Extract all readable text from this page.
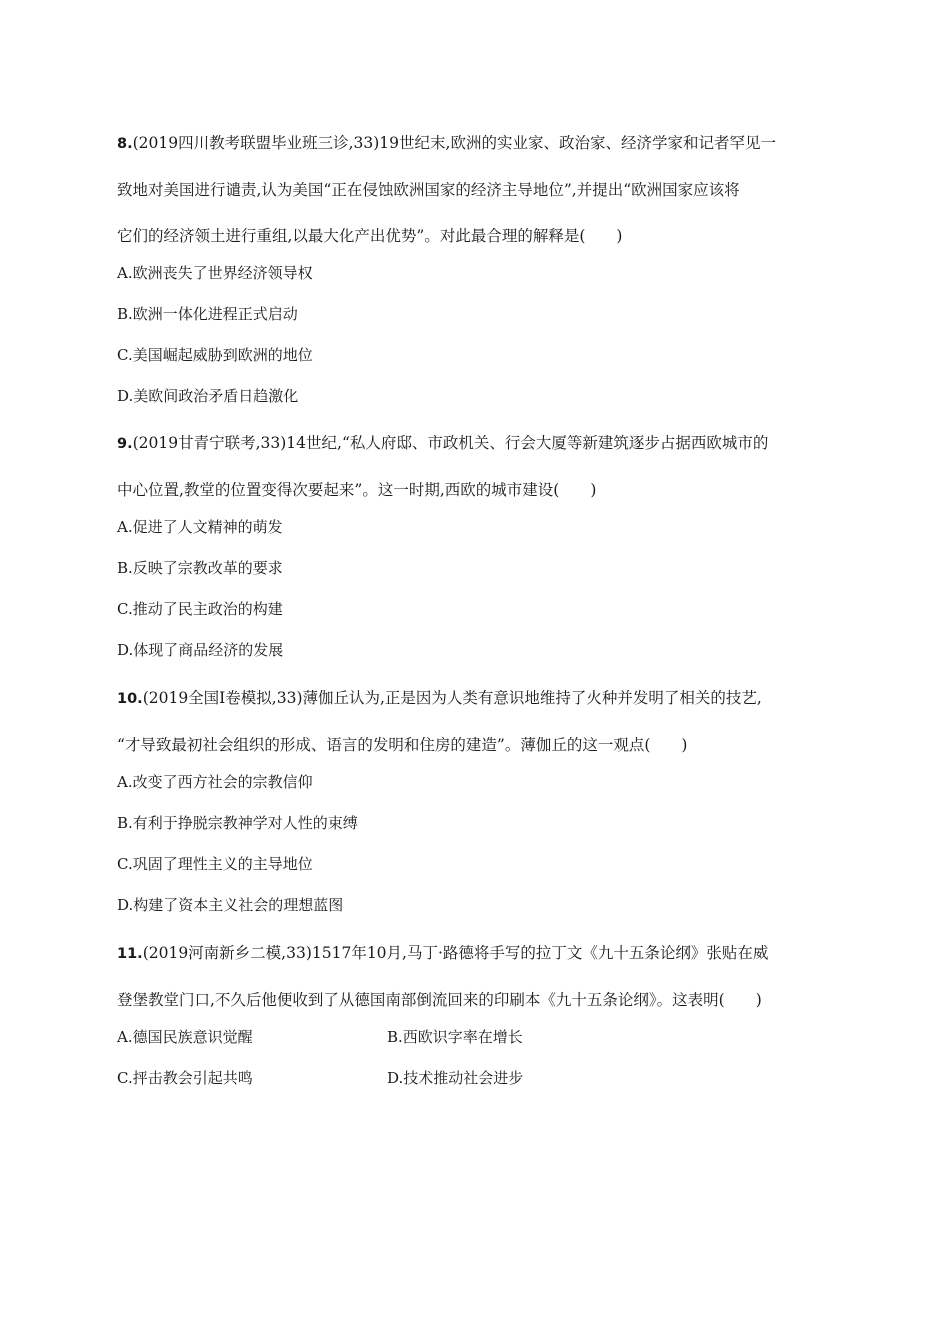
8.(2019四川教考联盟毕业班三诊,33)19世纪末,欧洲的实业家、政治家、经济学家和记者罕见一
致地对美国进行谴责,认为美国“正在侵蚀欧洲国家的经济主导地位”,并提出“欧洲国家应该将
它们的经济领土进行重组,以最大化产出优势”。对此最合理的解释是(　　)

A.欧洲丧失了世界经济领导权

B.欧洲一体化进程正式启动

C.美国崛起威胁到欧洲的地位

D.美欧间政治矛盾日趋激化

9.(2019甘青宁联考,33)14世纪,“私人府邸、市政机关、行会大厦等新建筑逐步占据西欧城市的
中心位置,教堂的位置变得次要起来”。这一时期,西欧的城市建设(　　)

A.促进了人文精神的萌发

B.反映了宗教改革的要求

C.推动了民主政治的构建

D.体现了商品经济的发展

10.(2019全国Ⅰ卷模拟,33)薄伽丘认为,正是因为人类有意识地维持了火种并发明了相关的技艺,
“才导致最初社会组织的形成、语言的发明和住房的建造”。薄伽丘的这一观点(　　)

A.改变了西方社会的宗教信仰

B.有利于挣脱宗教神学对人性的束缚

C.巩固了理性主义的主导地位

D.构建了资本主义社会的理想蓝图

11.(2019河南新乡二模,33)1517年10月,马丁·路德将手写的拉丁文《九十五条论纲》张贴在威
登堡教堂门口,不久后他便收到了从德国南部倒流回来的印刷本《九十五条论纲》。这表明(　　)

A.德国民族意识觉醒	B.西欧识字率在增长

C.抨击教会引起共鸣	D.技术推动社会进步
